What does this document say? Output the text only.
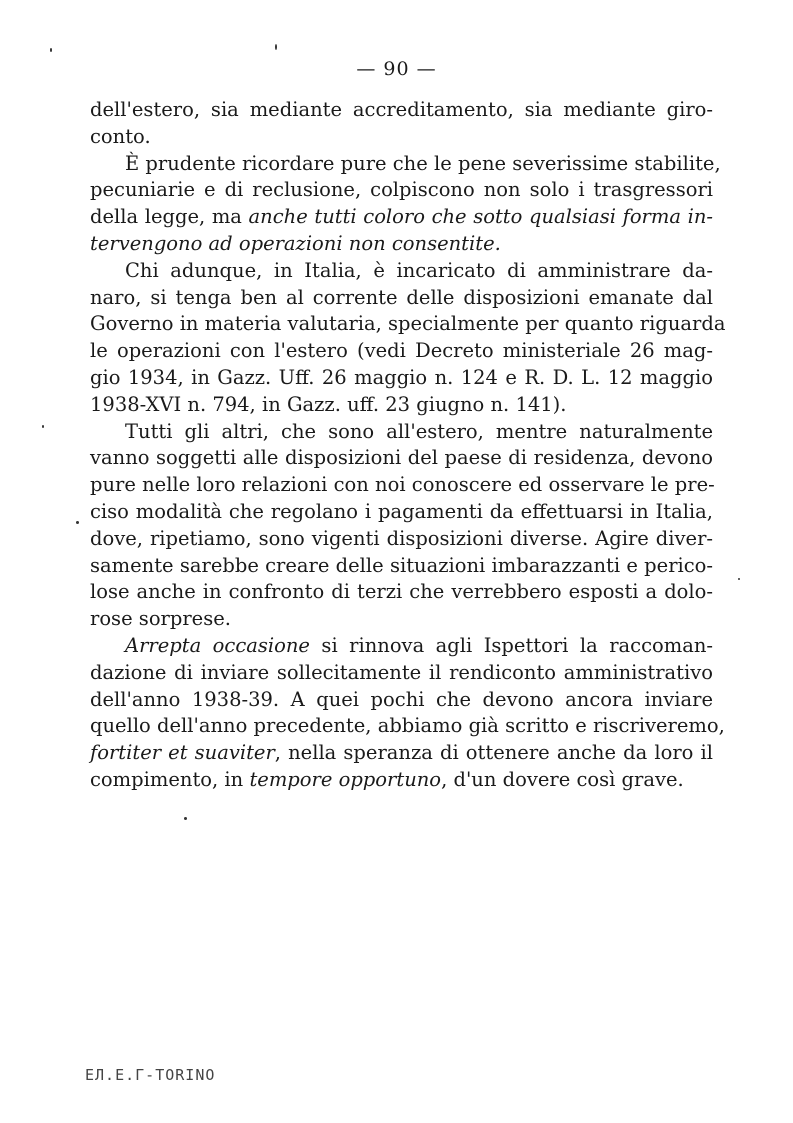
— 90 —
dell'estero, sia mediante accreditamento, sia mediante giro-
conto.
È prudente ricordare pure che le pene severissime stabilite,
pecuniarie e di reclusione, colpiscono non solo i trasgressori
della legge, ma anche tutti coloro che sotto qualsiasi forma in-
tervengono ad operazioni non consentite.
Chi adunque, in Italia, è incaricato di amministrare da-
naro, si tenga ben al corrente delle disposizioni emanate dal
Governo in materia valutaria, specialmente per quanto riguarda
le operazioni con l'estero (vedi Decreto ministeriale 26 mag-
gio 1934, in Gazz. Uff. 26 maggio n. 124 e R. D. L. 12 maggio
1938-XVI n. 794, in Gazz. uff. 23 giugno n. 141).
Tutti gli altri, che sono all'estero, mentre naturalmente
vanno soggetti alle disposizioni del paese di residenza, devono
pure nelle loro relazioni con noi conoscere ed osservare le pre-
ciso modalità che regolano i pagamenti da effettuarsi in Italia,
dove, ripetiamo, sono vigenti disposizioni diverse. Agire diver-
samente sarebbe creare delle situazioni imbarazzanti e perico-
lose anche in confronto di terzi che verrebbero esposti a dolo-
rose sorprese.
Arrepta occasione si rinnova agli Ispettori la raccoman-
dazione di inviare sollecitamente il rendiconto amministrativo
dell'anno 1938-39. A quei pochi che devono ancora inviare
quello dell'anno precedente, abbiamo già scritto e riscriveremo,
fortiter et suaviter, nella speranza di ottenere anche da loro il
compimento, in tempore opportuno, d'un dovere così grave.
ЕЛ.Е.Г-ТОRINO
